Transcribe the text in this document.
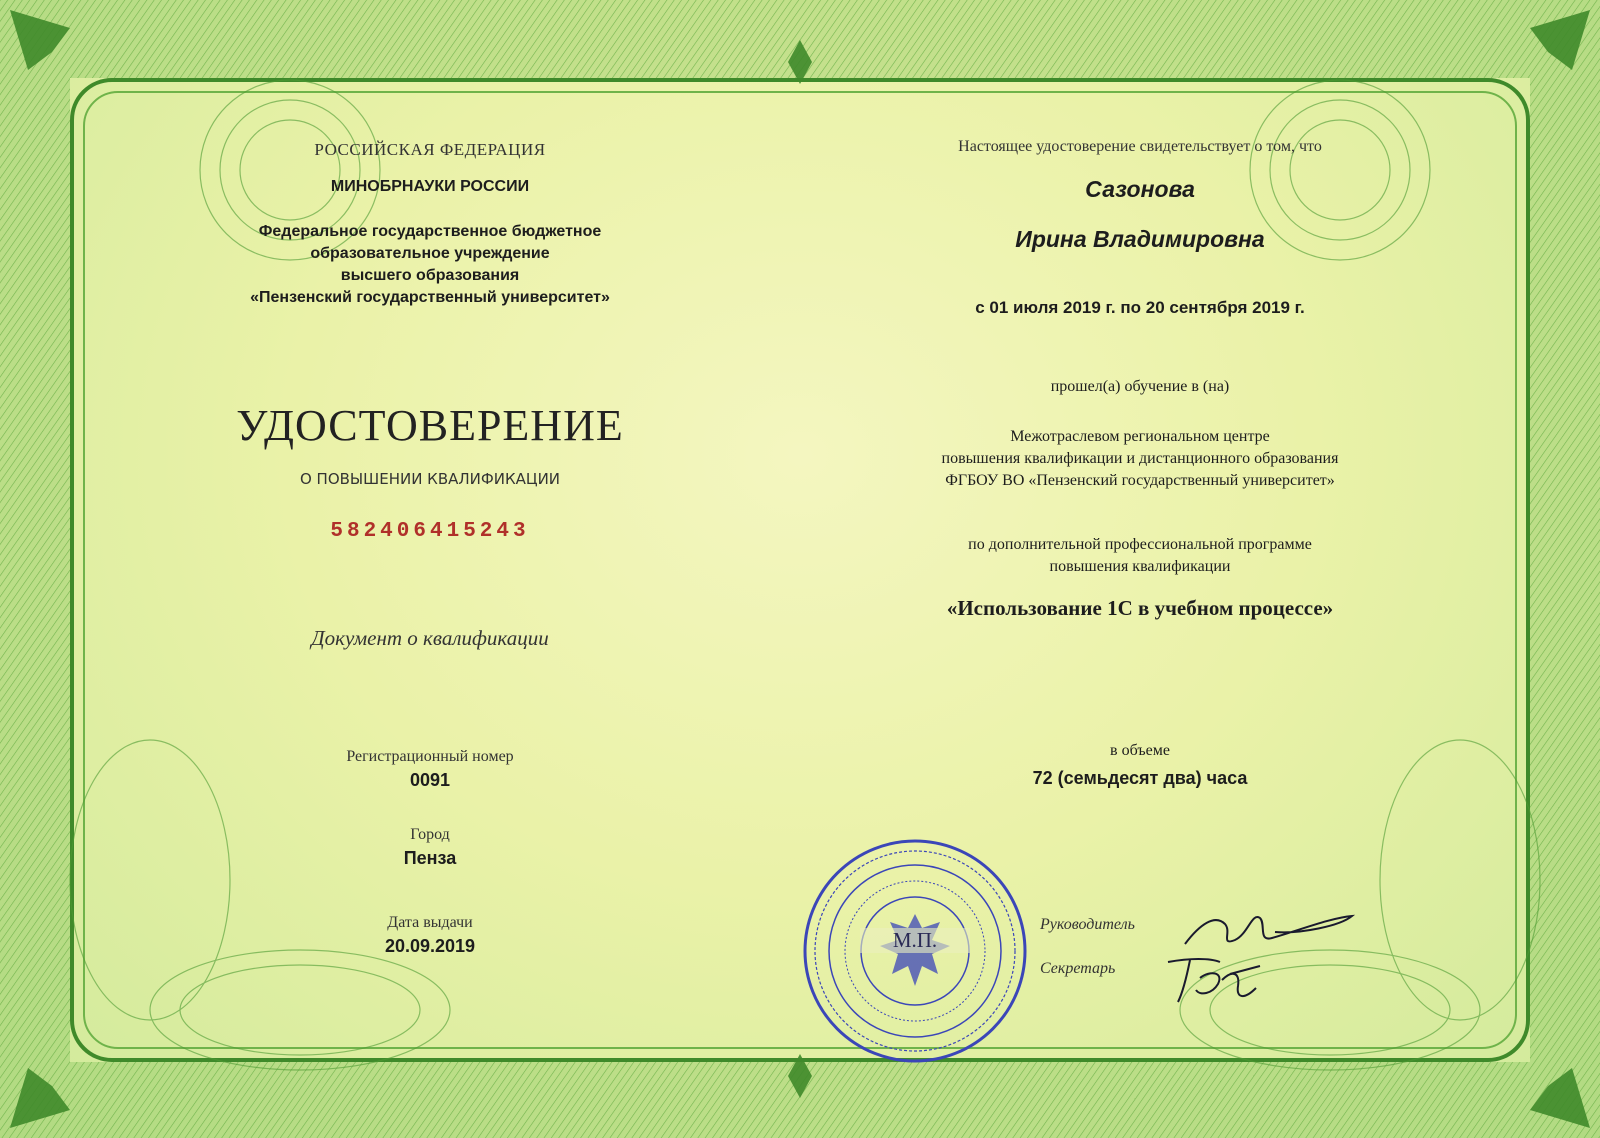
РОССИЙСКАЯ ФЕДЕРАЦИЯ
МИНОБРНАУКИ РОССИИ
Федеральное государственное бюджетное
образовательное учреждение
высшего образования
«Пензенский государственный университет»
УДОСТОВЕРЕНИЕ
О ПОВЫШЕНИИ КВАЛИФИКАЦИИ
582406415243
Документ о квалификации
Регистрационный номер
0091
Город
Пенза
Дата выдачи
20.09.2019
Настоящее удостоверение свидетельствует о том, что
Сазонова
Ирина Владимировна
с 01 июля 2019 г. по 20 сентября 2019 г.
прошел(а) обучение в (на)
Межотраслевом региональном центре
повышения квалификации и дистанционного образования
ФГБОУ ВО «Пензенский государственный университет»
по дополнительной профессиональной программе
повышения квалификации
«Использование 1С в учебном процессе»
в объеме
72 (семьдесят два) часа
М.П.
Руководитель
Секретарь
